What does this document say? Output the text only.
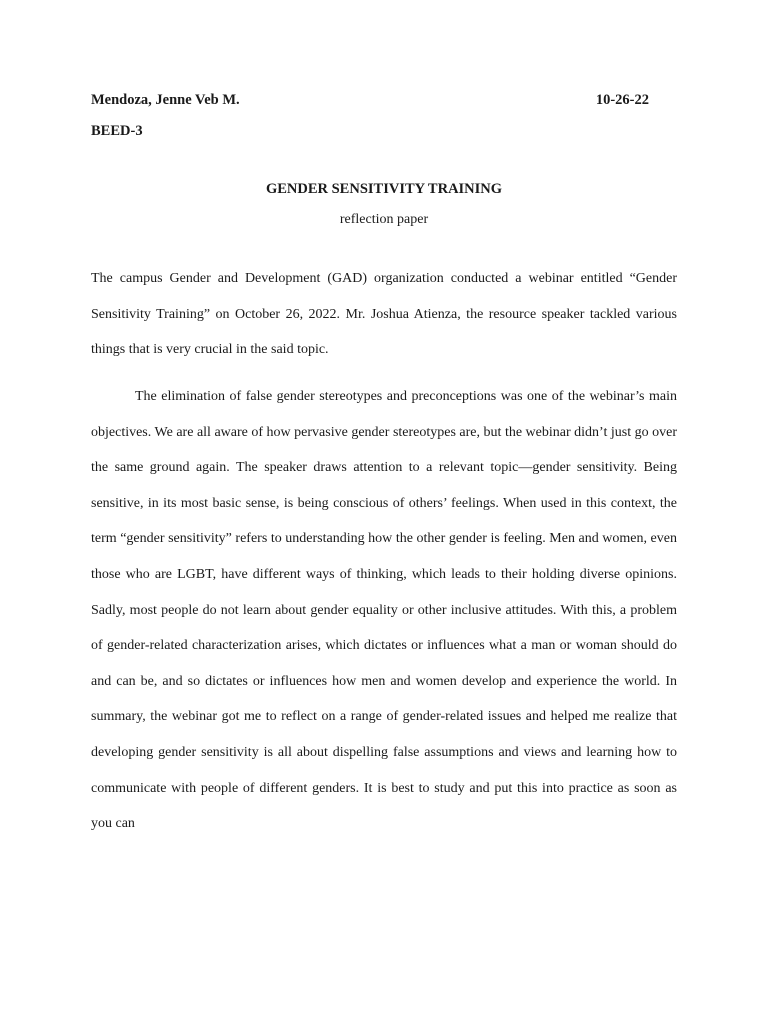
Mendoza, Jenne Veb M.	10-26-22
BEED-3
GENDER SENSITIVITY TRAINING
reflection paper

The campus Gender and Development (GAD) organization conducted a webinar entitled “Gender Sensitivity Training” on October 26, 2022. Mr. Joshua Atienza, the resource speaker tackled various things that is very crucial in the said topic.

The elimination of false gender stereotypes and preconceptions was one of the webinar’s main objectives. We are all aware of how pervasive gender stereotypes are, but the webinar didn’t just go over the same ground again. The speaker draws attention to a relevant topic—gender sensitivity. Being sensitive, in its most basic sense, is being conscious of others’ feelings. When used in this context, the term “gender sensitivity” refers to understanding how the other gender is feeling. Men and women, even those who are LGBT, have different ways of thinking, which leads to their holding diverse opinions. Sadly, most people do not learn about gender equality or other inclusive attitudes. With this, a problem of gender-related characterization arises, which dictates or influences what a man or woman should do and can be, and so dictates or influences how men and women develop and experience the world. In summary, the webinar got me to reflect on a range of gender-related issues and helped me realize that developing gender sensitivity is all about dispelling false assumptions and views and learning how to communicate with people of different genders. It is best to study and put this into practice as soon as you can
